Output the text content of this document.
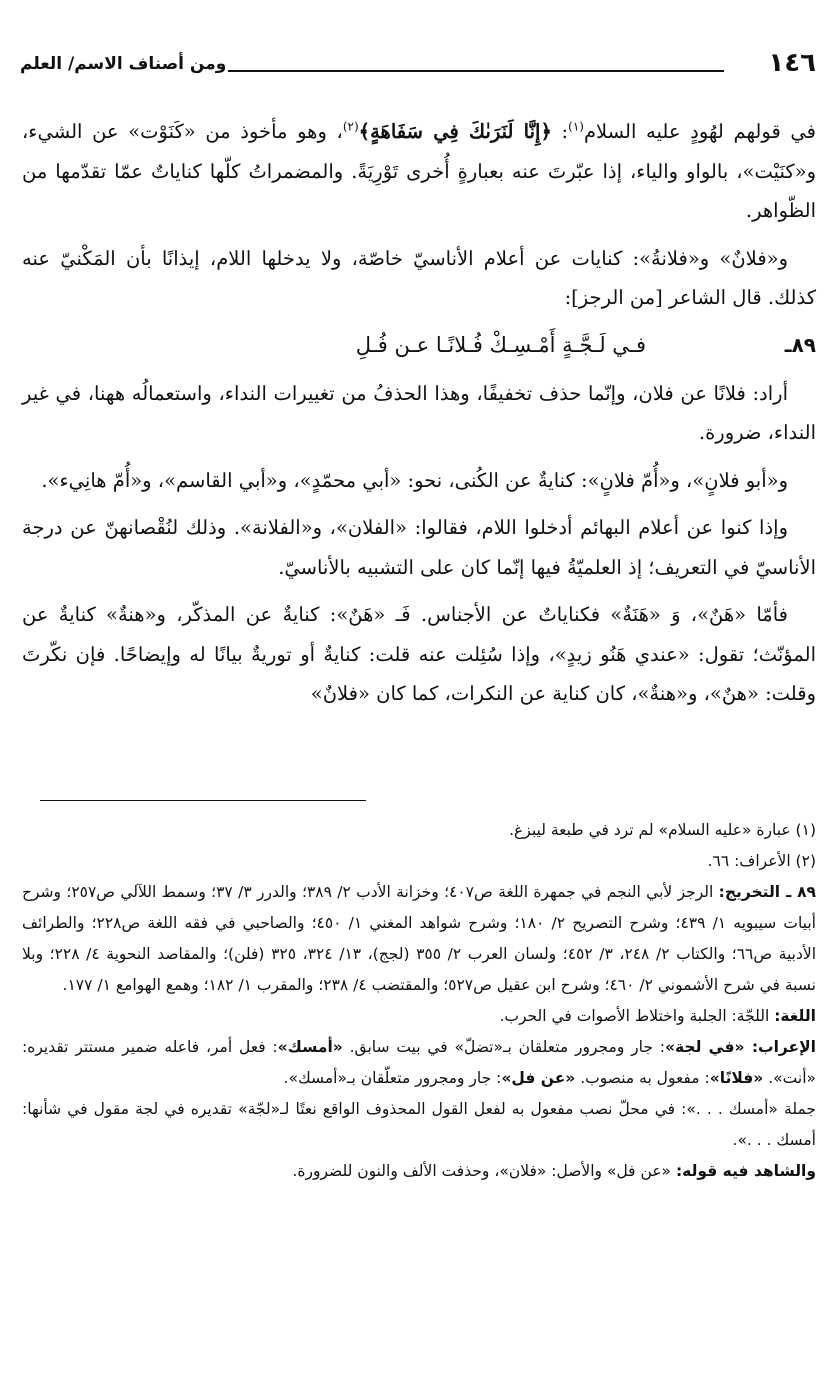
١٤٦
ومن أصناف الاسم/ العلم

في قولهم لهُودٍ عليه السلام$^{(١)}$: ﴿إِنَّا لَنَرَىٰكَ فِي سَفَاهَةٍ﴾$^{(٢)}$، وهو مأخوذ من «كَنَوْت» عن الشيء، و«كنَيْت»، بالواو والياء، إذا عبّرتَ عنه بعبارةٍ أُخرى تَوْرِيَةً. والمضمراتُ كلّها كناياتٌ عمّا تقدّمها من الظّواهر.

و«فلانٌ» و«فلانةُ»: كنايات عن أعلام الأناسيّ خاصّة، ولا يدخلها اللام، إيذانًا بأن المَكْنيّ عنه كذلك. قال الشاعر [من الرجز]:

٨٩ـ
فـي لَـجَّـةٍ أَمْـسِـكْ فُـلانًـا عـن فُـلِ

أراد: فلانًا عن فلان، وإنّما حذف تخفيفًا، وهذا الحذفُ من تغييرات النداء، واستعمالُه ههنا، في غير النداء، ضرورة.

و«أبو فلانٍ»، و«أُمّ فلانٍ»: كنايةٌ عن الكُنى، نحو: «أبي محمّدٍ»، و«أبي القاسم»، و«أُمّ هانِيء».

وإذا كنوا عن أعلام البهائم أدخلوا اللام، فقالوا: «الفلان»، و«الفلانة». وذلك لنُقْصانهنّ عن درجة الأناسيّ في التعريف؛ إذ العلميّةُ فيها إنّما كان على التشبيه بالأناسيّ.

فأمّا «هَنٌ»، وَ «هَنَةٌ» فكناياتٌ عن الأجناس. فَـ «هَنٌ»: كنايةٌ عن المذكّر، و«هنةٌ» كنايةٌ عن المؤنّث؛ تقول: «عندي هَنُو زيدٍ»، وإذا سُئِلت عنه قلت: كنايةٌ أو توريةٌ بيانًا له وإيضاحًا. فإن نكّرتَ وقلت: «هنٌ»، و«هنةٌ»، كان كناية عن النكرات، كما كان «فلانٌ»

(١) عبارة «عليه السلام» لم ترد في طبعة ليبزغ.

(٢) الأعراف: ٦٦.

٨٩ ـ التخريج: الرجز لأبي النجم في جمهرة اللغة ص٤٠٧؛ وخزانة الأدب ٢/ ٣٨٩؛ والدرر ٣/ ٣٧؛ وسمط اللآلي ص٢٥٧؛ وشرح أبيات سيبويه ١/ ٤٣٩؛ وشرح التصريح ٢/ ١٨٠؛ وشرح شواهد المغني ١/ ٤٥٠؛ والصاحبي في فقه اللغة ص٢٢٨؛ والطرائف الأدبية ص٦٦؛ والكتاب ٢/ ٢٤٨، ٣/ ٤٥٢؛ ولسان العرب ٢/ ٣٥٥ (لجج)، ١٣/ ٣٢٤، ٣٢٥ (فلن)؛ والمقاصد النحوية ٤/ ٢٢٨؛ وبلا نسبة في شرح الأشموني ٢/ ٤٦٠؛ وشرح ابن عقيل ص٥٢٧؛ والمقتضب ٤/ ٢٣٨؛ والمقرب ١/ ١٨٢؛ وهمع الهوامع ١/ ١٧٧.

اللغة: اللجّة: الجلبة واختلاط الأصوات في الحرب.

الإعراب: «في لجة»: جار ومجرور متعلقان بـ«تضلّ» في بيت سابق. «أمسك»: فعل أمر، فاعله ضمير مستتر تقديره: «أنت». «فلانًا»: مفعول به منصوب. «عن فل»: جار ومجرور متعلّقان بـ«أمسك».

جملة «أمسك . . .»: في محلّ نصب مفعول به لفعل القول المحذوف الواقع نعتًا لـ«لجّة» تقديره في لجة مقول في شأنها: أمسك . . .».

والشاهد فيه قوله: «عن فل» والأصل: «فلان»، وحذفت الألف والنون للضرورة.
